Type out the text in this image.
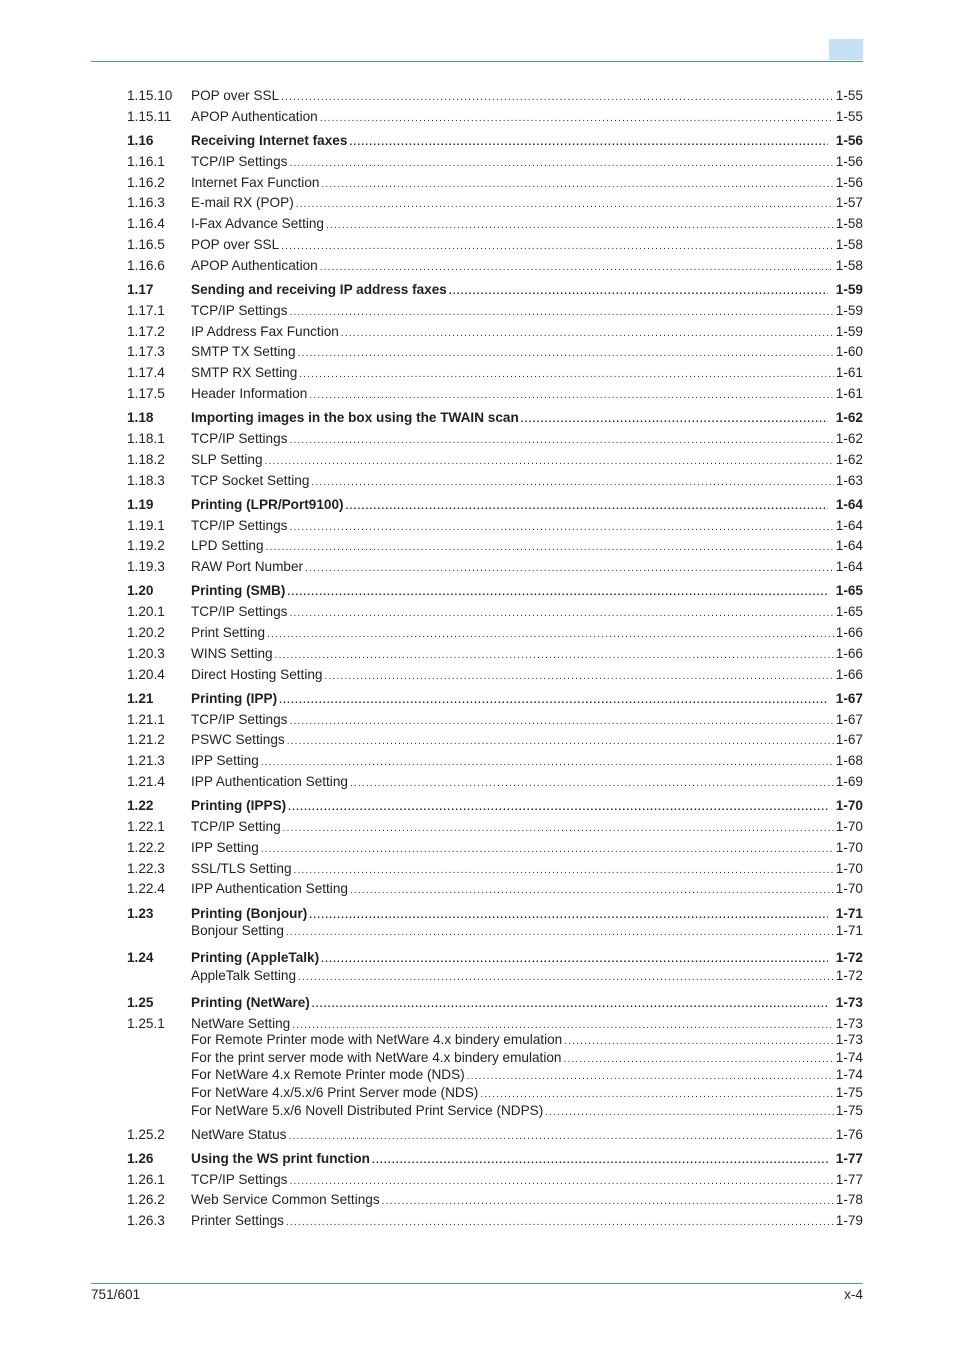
1.15.10 POP over SSL .....	1-55
1.15.11 APOP Authentication .....	1-55
1.16	Receiving Internet faxes .....	1-56
1.16.1 TCP/IP Settings .....	1-56
1.16.2 Internet Fax Function .....	1-56
1.16.3 E-mail RX (POP) .....	1-57
1.16.4 I-Fax Advance Setting .....	1-58
1.16.5 POP over SSL .....	1-58
1.16.6 APOP Authentication .....	1-58
1.17	Sending and receiving IP address faxes .....	1-59
1.17.1 TCP/IP Settings .....	1-59
1.17.2 IP Address Fax Function .....	1-59
1.17.3 SMTP TX Setting .....	1-60
1.17.4 SMTP RX Setting .....	1-61
1.17.5 Header Information .....	1-61
1.18	Importing images in the box using the TWAIN scan .....	1-62
1.18.1 TCP/IP Settings .....	1-62
1.18.2 SLP Setting .....	1-62
1.18.3 TCP Socket Setting .....	1-63
1.19	Printing (LPR/Port9100) .....	1-64
1.19.1 TCP/IP Settings .....	1-64
1.19.2 LPD Setting .....	1-64
1.19.3 RAW Port Number .....	1-64
1.20	Printing (SMB) .....	1-65
1.20.1 TCP/IP Settings .....	1-65
1.20.2 Print Setting .....	1-66
1.20.3 WINS Setting .....	1-66
1.20.4 Direct Hosting Setting .....	1-66
1.21	Printing (IPP) .....	1-67
1.21.1 TCP/IP Settings .....	1-67
1.21.2 PSWC Settings .....	1-67
1.21.3 IPP Setting .....	1-68
1.21.4 IPP Authentication Setting .....	1-69
1.22	Printing (IPPS) .....	1-70
1.22.1 TCP/IP Setting .....	1-70
1.22.2 IPP Setting .....	1-70
1.22.3 SSL/TLS Setting .....	1-70
1.22.4 IPP Authentication Setting .....	1-70
1.23	Printing (Bonjour) .....	1-71
Bonjour Setting .....	1-71
1.24	Printing (AppleTalk) .....	1-72
AppleTalk Setting .....	1-72
1.25	Printing (NetWare) .....	1-73
1.25.1 NetWare Setting .....	1-73
For Remote Printer mode with NetWare 4.x bindery emulation .....	1-73
For the print server mode with NetWare 4.x bindery emulation .....	1-74
For NetWare 4.x Remote Printer mode (NDS) .....	1-74
For NetWare 4.x/5.x/6 Print Server mode (NDS) .....	1-75
For NetWare 5.x/6 Novell Distributed Print Service (NDPS) .....	1-75
1.25.2 NetWare Status .....	1-76
1.26	Using the WS print function .....	1-77
1.26.1 TCP/IP Settings .....	1-77
1.26.2 Web Service Common Settings .....	1-78
1.26.3 Printer Settings .....	1-79
751/601	x-4
